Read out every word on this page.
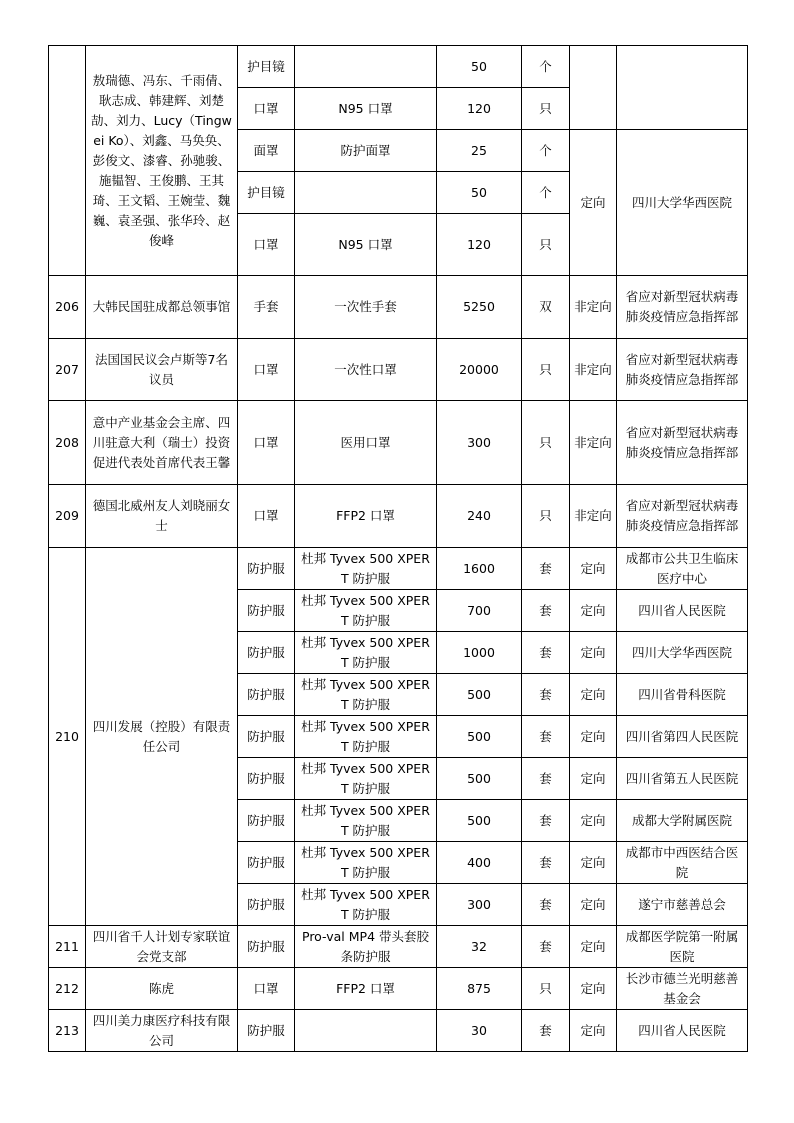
	敖瑞德、冯东、千雨倩、耿志成、韩建辉、刘楚劼、刘力、Lucy（Tingwei Ko）、刘鑫、马奂奂、彭俊文、漆睿、孙驰骏、施韫智、王俊鹏、王其琦、王文韬、王婉莹、魏巍、袁圣强、张华玲、赵俊峰	护目镜		50	个		
		口罩	N95 口罩	120	只		
		面罩	防护面罩	25	个	定向	四川大学华西医院
		护目镜		50	个		
		口罩	N95 口罩	120	只		
206	大韩民国驻成都总领事馆	手套	一次性手套	5250	双	非定向	省应对新型冠状病毒肺炎疫情应急指挥部
207	法国国民议会卢斯等7名议员	口罩	一次性口罩	20000	只	非定向	省应对新型冠状病毒肺炎疫情应急指挥部
208	意中产业基金会主席、四川驻意大利（瑞士）投资促进代表处首席代表王馨	口罩	医用口罩	300	只	非定向	省应对新型冠状病毒肺炎疫情应急指挥部
209	德国北威州友人刘晓丽女士	口罩	FFP2 口罩	240	只	非定向	省应对新型冠状病毒肺炎疫情应急指挥部
210	四川发展（控股）有限责任公司	防护服	杜邦 Tyvex 500 XPERT 防护服	1600	套	定向	成都市公共卫生临床医疗中心
		防护服	杜邦 Tyvex 500 XPERT 防护服	700	套	定向	四川省人民医院
		防护服	杜邦 Tyvex 500 XPERT 防护服	1000	套	定向	四川大学华西医院
		防护服	杜邦 Tyvex 500 XPERT 防护服	500	套	定向	四川省骨科医院
		防护服	杜邦 Tyvex 500 XPERT 防护服	500	套	定向	四川省第四人民医院
		防护服	杜邦 Tyvex 500 XPERT 防护服	500	套	定向	四川省第五人民医院
		防护服	杜邦 Tyvex 500 XPERT 防护服	500	套	定向	成都大学附属医院
		防护服	杜邦 Tyvex 500 XPERT 防护服	400	套	定向	成都市中西医结合医院
		防护服	杜邦 Tyvex 500 XPERT 防护服	300	套	定向	遂宁市慈善总会
211	四川省千人计划专家联谊会党支部	防护服	Pro-val MP4 带头套胶条防护服	32	套	定向	成都医学院第一附属医院
212	陈虎	口罩	FFP2 口罩	875	只	定向	长沙市德兰光明慈善基金会
213	四川美力康医疗科技有限公司	防护服		30	套	定向	四川省人民医院
